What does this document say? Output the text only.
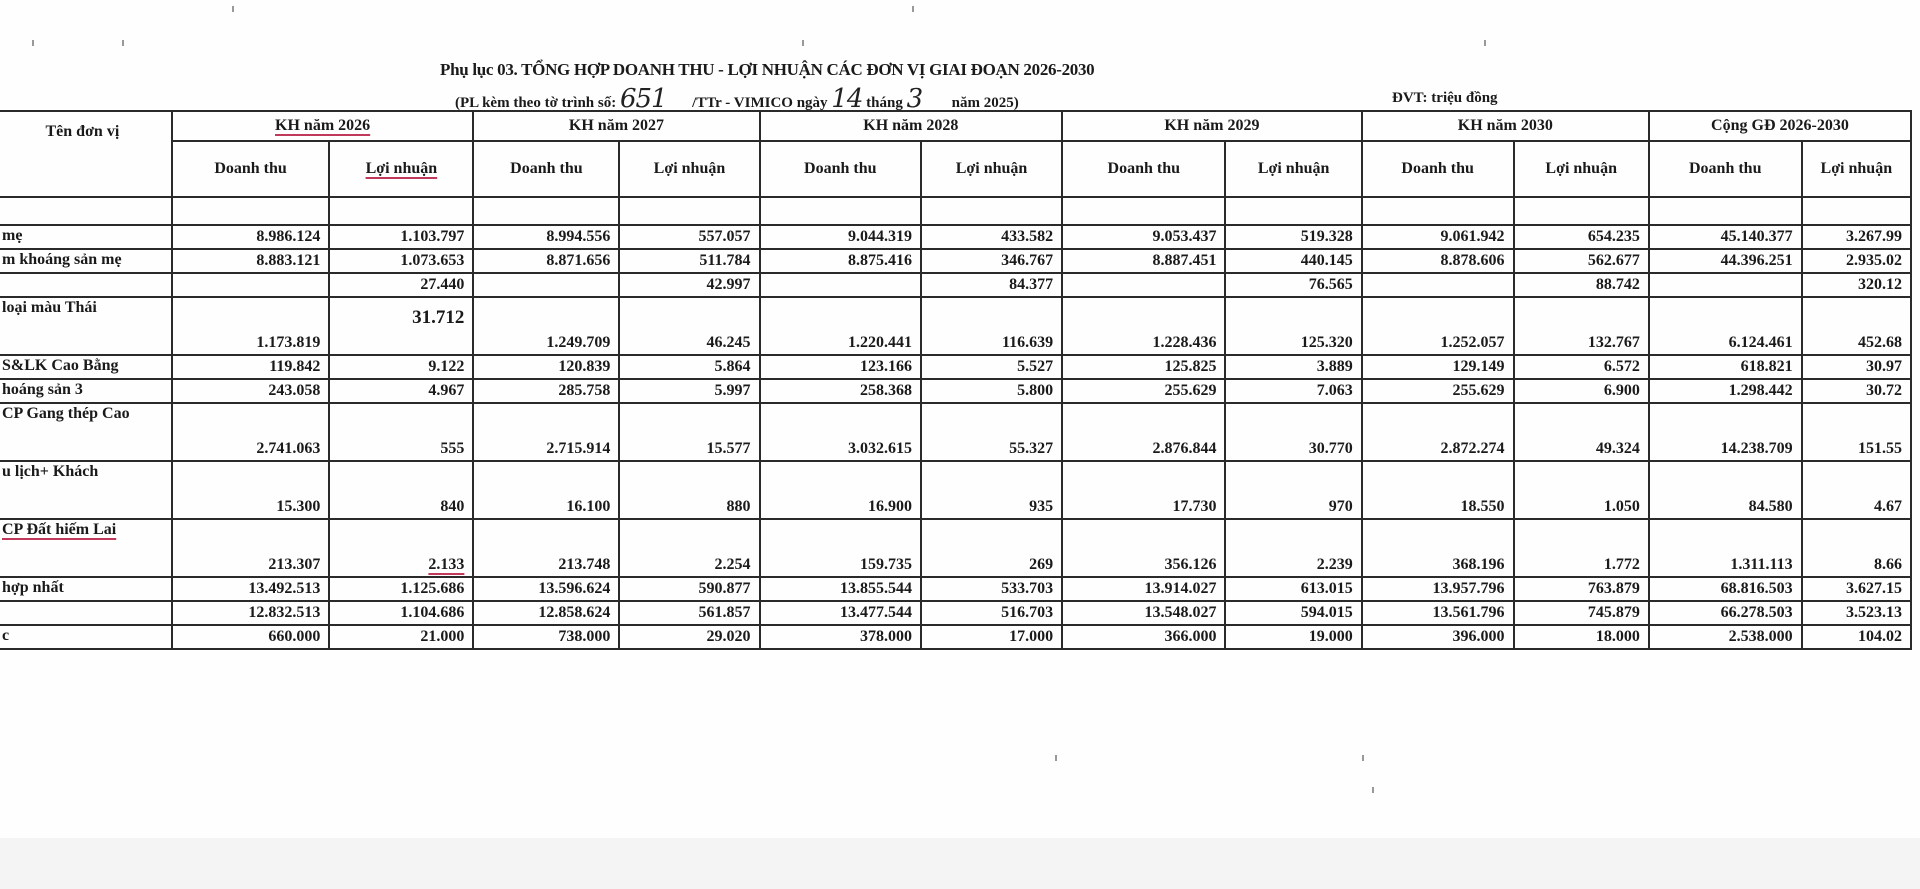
Phụ lục 03. TỔNG HỢP DOANH THU - LỢI NHUẬN CÁC ĐƠN VỊ GIAI ĐOẠN 2026-2030
(PL kèm theo tờ trình số: 651 /TTr - VIMICO ngày 14 tháng 3 năm 2025)	ĐVT: triệu đồng
Tên đơn vị	KH năm 2026		KH năm 2027		KH năm 2028		KH năm 2029		KH năm 2030		Cộng GĐ 2026-2030	
	Doanh thu	Lợi nhuận	Doanh thu	Lợi nhuận	Doanh thu	Lợi nhuận	Doanh thu	Lợi nhuận	Doanh thu	Lợi nhuận	Doanh thu	Lợi nhuận

mẹ	8.986.124	1.103.797	8.994.556	557.057	9.044.319	433.582	9.053.437	519.328	9.061.942	654.235	45.140.377	3.267.99
m khoáng sản mẹ	8.883.121	1.073.653	8.871.656	511.784	8.875.416	346.767	8.887.451	440.145	8.878.606	562.677	44.396.251	2.935.02
		27.440		42.997		84.377		76.565		88.742		320.12
loại màu Thái	1.173.819	31.712	1.249.709	46.245	1.220.441	116.639	1.228.436	125.320	1.252.057	132.767	6.124.461	452.68
S&LK Cao Bằng	119.842	9.122	120.839	5.864	123.166	5.527	125.825	3.889	129.149	6.572	618.821	30.97
hoáng sản 3	243.058	4.967	285.758	5.997	258.368	5.800	255.629	7.063	255.629	6.900	1.298.442	30.72
CP Gang thép Cao	2.741.063	555	2.715.914	15.577	3.032.615	55.327	2.876.844	30.770	2.872.274	49.324	14.238.709	151.55
u lịch+ Khách	15.300	840	16.100	880	16.900	935	17.730	970	18.550	1.050	84.580	4.67
CP Đất hiếm Lai	213.307	2.133	213.748	2.254	159.735	269	356.126	2.239	368.196	1.772	1.311.113	8.66
hợp nhất	13.492.513	1.125.686	13.596.624	590.877	13.855.544	533.703	13.914.027	613.015	13.957.796	763.879	68.816.503	3.627.15
	12.832.513	1.104.686	12.858.624	561.857	13.477.544	516.703	13.548.027	594.015	13.561.796	745.879	66.278.503	3.523.13
c	660.000	21.000	738.000	29.020	378.000	17.000	366.000	19.000	396.000	18.000	2.538.000	104.02
